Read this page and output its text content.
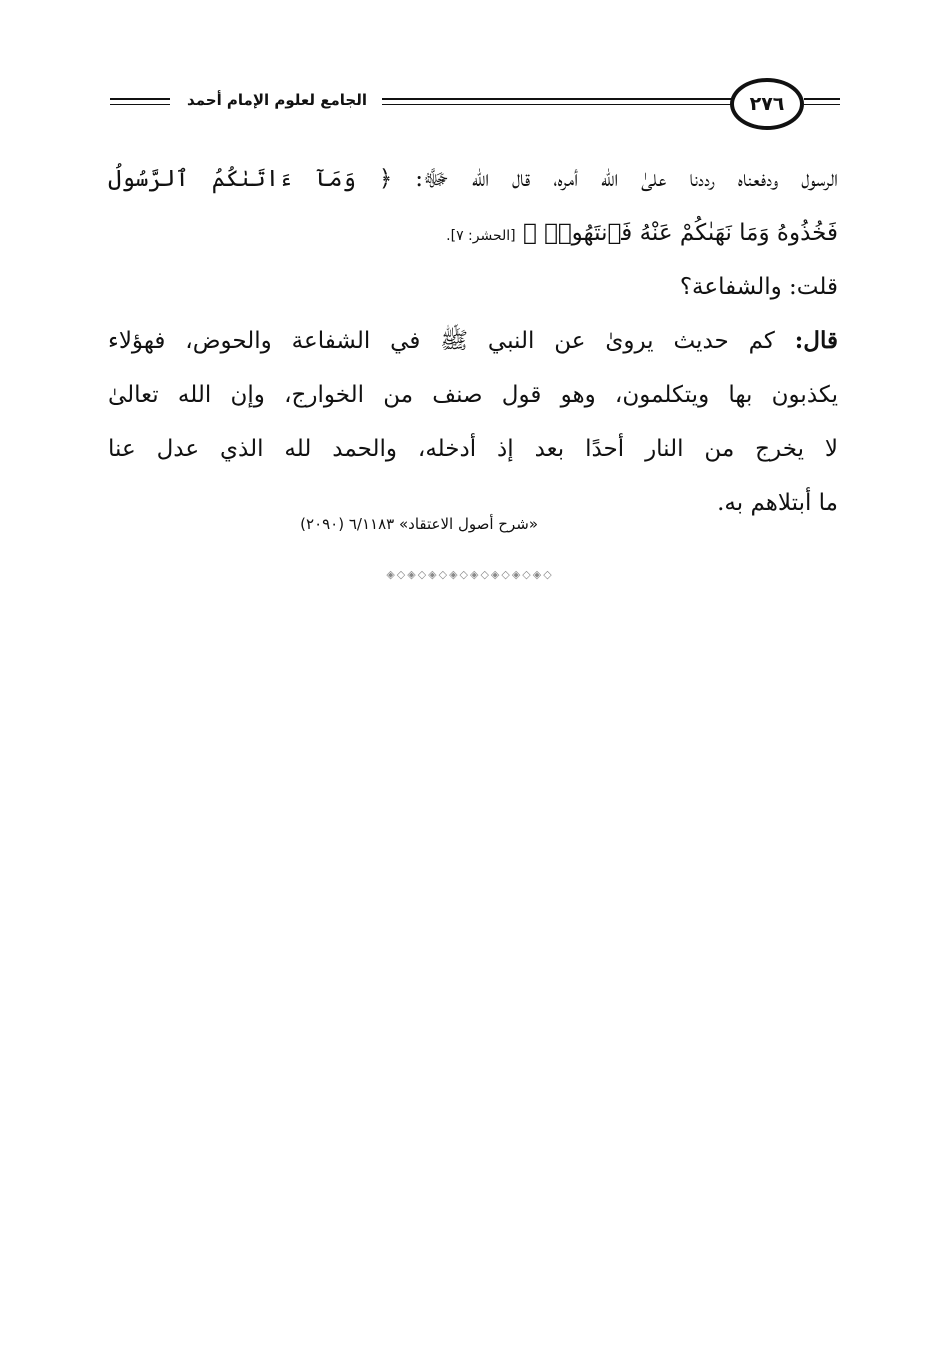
الجامع لعلوم الإمام أحمد	٢٧٦
الرسول ودفعناه رددنا علىٰ الله أمره، قال الله ﷻ: ﴿ وَمَآ ءَاتَىٰكُمُ ٱلرَّسُولُ
فَخُذُوهُ وَمَا نَهَىٰكُمْ عَنْهُ فَٱنتَهُوا۟ ﴾ [الحشر: ٧].
قلت: والشفاعة؟
قال: كم حديث يروىٰ عن النبي ﷺ في الشفاعة والحوض، فهؤلاء
يكذبون بها ويتكلمون، وهو قول صنف من الخوارج، وإن الله تعالىٰ
لا يخرج من النار أحدًا بعد إذ أدخله، والحمد لله الذي عدل عنا
ما أبتلاهم به.
«شرح أصول الاعتقاد» ٦/١١٨٣ (٢٠٩٠)
◈◇◈◇◈◇◈◇◈◇◈◇◈◇◈◇
